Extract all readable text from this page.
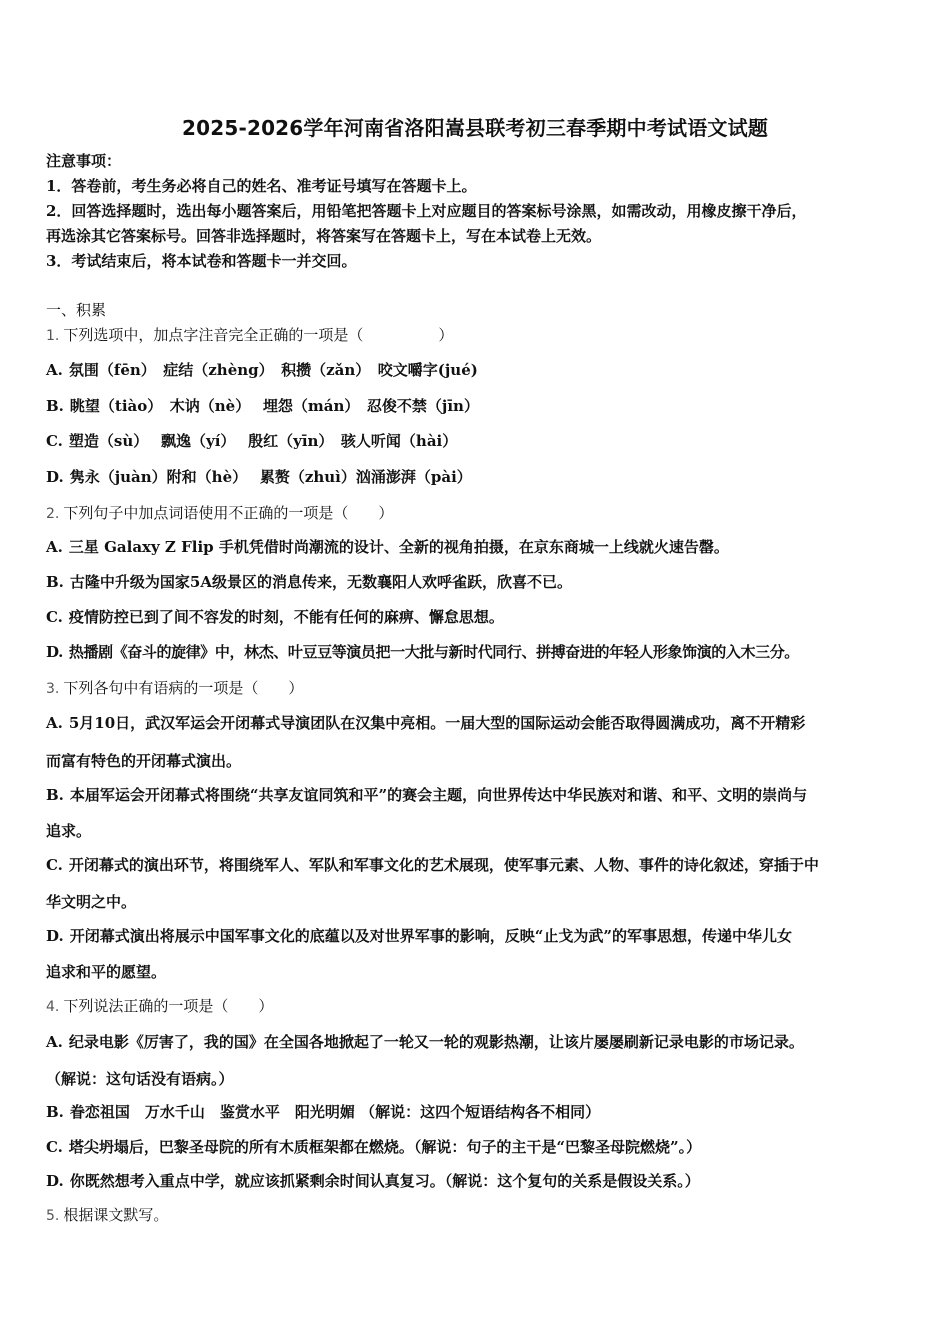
2025-2026学年河南省洛阳嵩县联考初三春季期中考试语文试题
注意事项：
1．答卷前，考生务必将自己的姓名、准考证号填写在答题卡上。
2．回答选择题时，选出每小题答案后，用铅笔把答题卡上对应题目的答案标号涂黑，如需改动，用橡皮擦干净后，
再选涂其它答案标号。回答非选择题时，将答案写在答题卡上，写在本试卷上无效。
3．考试结束后，将本试卷和答题卡一并交回。
一、积累
1. 下列选项中，加点字注音完全正确的一项是（　　　　　）
A. 氛围（fēn）　症结（zhèng）　积攒（zǎn）　咬文嚼字(jué)
B. 眺望（tiào）　木讷（nè）　 埋怨（mán）　忍俊不禁（jīn）
C. 塑造（sù）　 飘逸（yí）　 殷红（yīn）　骇人听闻（hài）
D. 隽永（juàn）附和（hè）　 累赘（zhuì）汹涌澎湃（pài）
2. 下列句子中加点词语使用不正确的一项是（　　）
A. 三星 Galaxy Z Flip 手机凭借时尚潮流的设计、全新的视角拍摄，在京东商城一上线就火速告罄。
B. 古隆中升级为国家5A级景区的消息传来，无数襄阳人欢呼雀跃，欣喜不已。
C. 疫情防控已到了间不容发的时刻，不能有任何的麻痹、懈怠思想。
D. 热播剧《奋斗的旋律》中，林杰、叶豆豆等演员把一大批与新时代同行、拼搏奋进的年轻人形象饰演的入木三分。
3. 下列各句中有语病的一项是（　　）
A. 5月10日，武汉军运会开闭幕式导演团队在汉集中亮相。一届大型的国际运动会能否取得圆满成功，离不开精彩
而富有特色的开闭幕式演出。
B. 本届军运会开闭幕式将围绕“共享友谊同筑和平”的赛会主题，向世界传达中华民族对和谐、和平、文明的崇尚与
追求。
C. 开闭幕式的演出环节，将围绕军人、军队和军事文化的艺术展现，使军事元素、人物、事件的诗化叙述，穿插于中
华文明之中。
D. 开闭幕式演出将展示中国军事文化的底蕴以及对世界军事的影响，反映“止戈为武”的军事思想，传递中华儿女
追求和平的愿望。
4. 下列说法正确的一项是（　　）
A. 纪录电影《厉害了，我的国》在全国各地掀起了一轮又一轮的观影热潮，让该片屡屡刷新记录电影的市场记录。
（解说：这句话没有语病。）
B. 眷恋祖国　万水千山　鉴赏水平　阳光明媚 （解说：这四个短语结构各不相同）
C. 塔尖坍塌后，巴黎圣母院的所有木质框架都在燃烧。（解说：句子的主干是“巴黎圣母院燃烧”。）
D. 你既然想考入重点中学，就应该抓紧剩余时间认真复习。（解说：这个复句的关系是假设关系。）
5. 根据课文默写。
